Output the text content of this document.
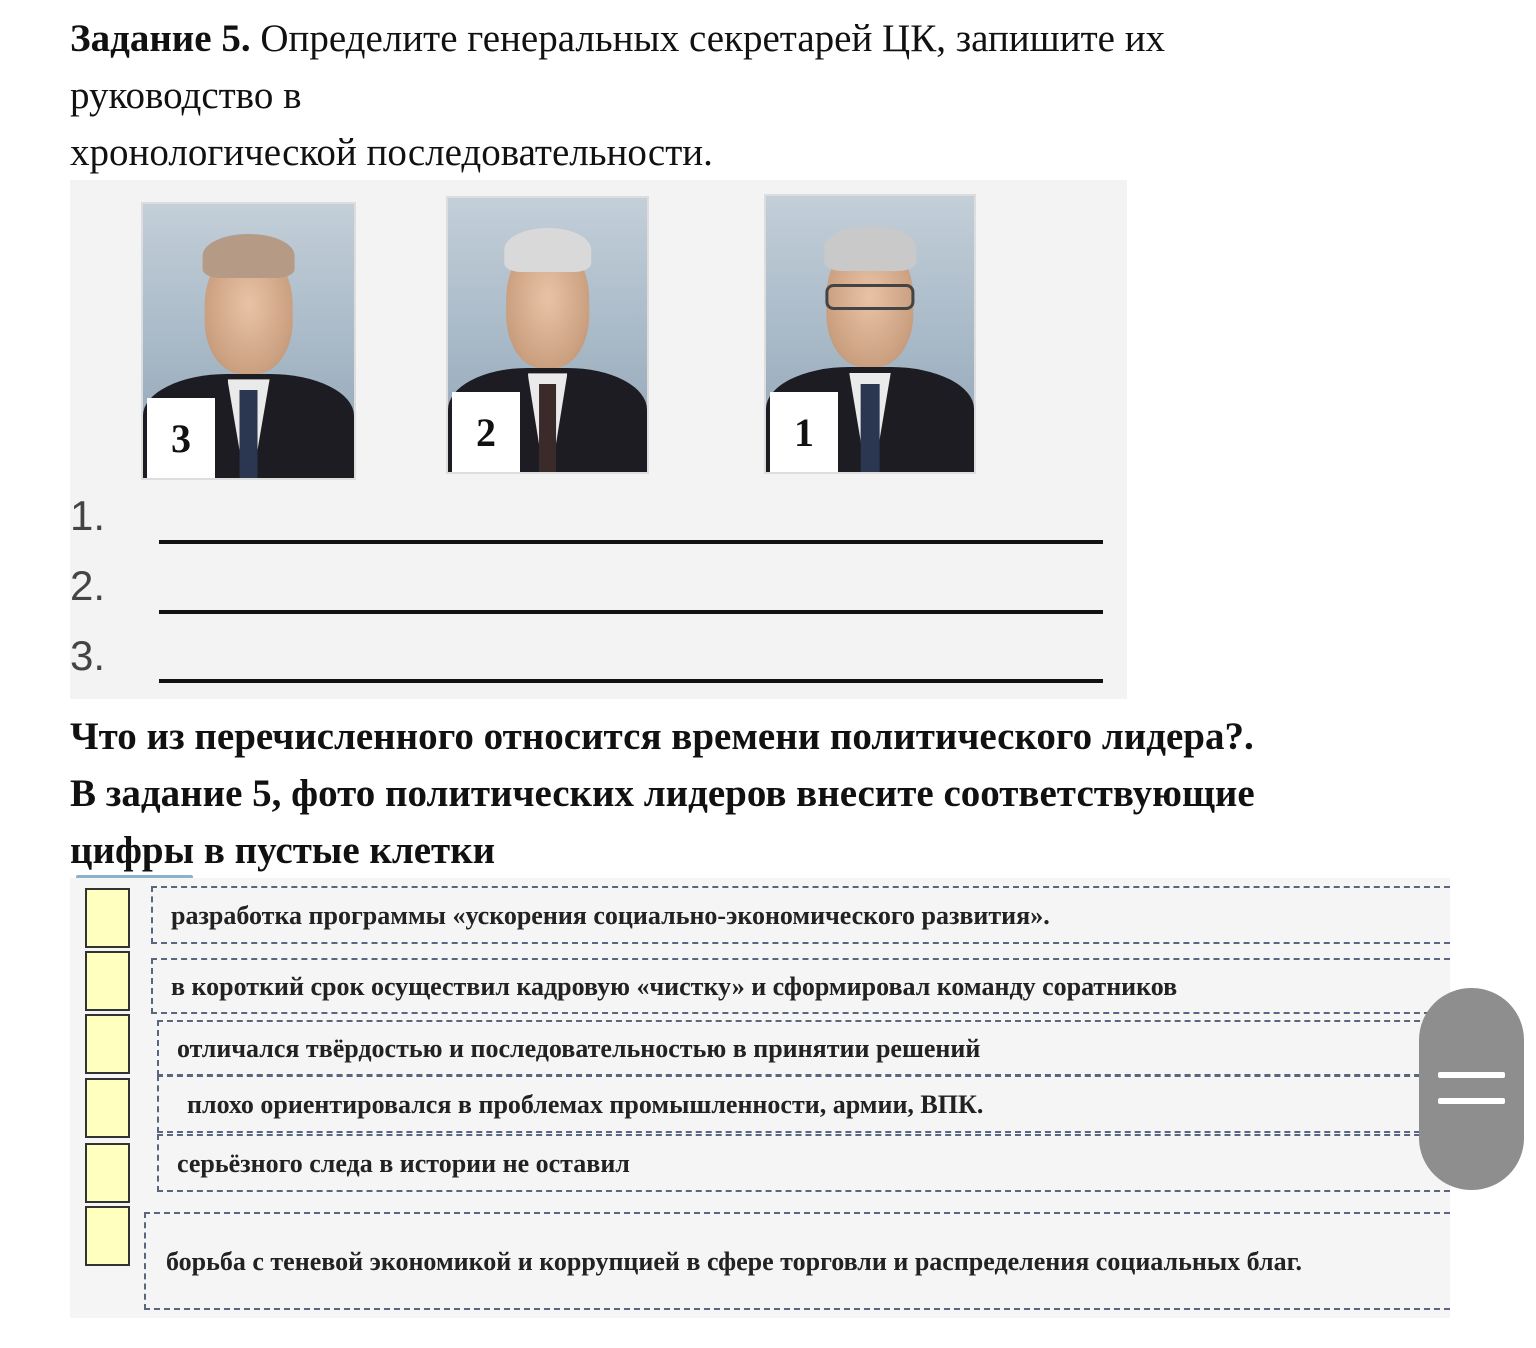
Задание 5. Определите генеральных секретарей ЦК, запишите их
руководство в
хронологической последовательности.
3	2	1
1.
2.
3.
Что из перечисленного относится времени политического лидера?.
В задание 5, фото политических лидеров внесите соответствующие
цифры в пустые клетки
разработка программы «ускорения социально-экономического развития».
в короткий срок осуществил кадровую «чистку» и сформировал команду соратников
отличался твёрдостью и последовательностью в принятии решений
плохо ориентировался в проблемах промышленности, армии, ВПК.
серьёзного следа в истории не оставил
борьба с теневой экономикой и коррупцией в сфере торговли и распределения социальных благ.
